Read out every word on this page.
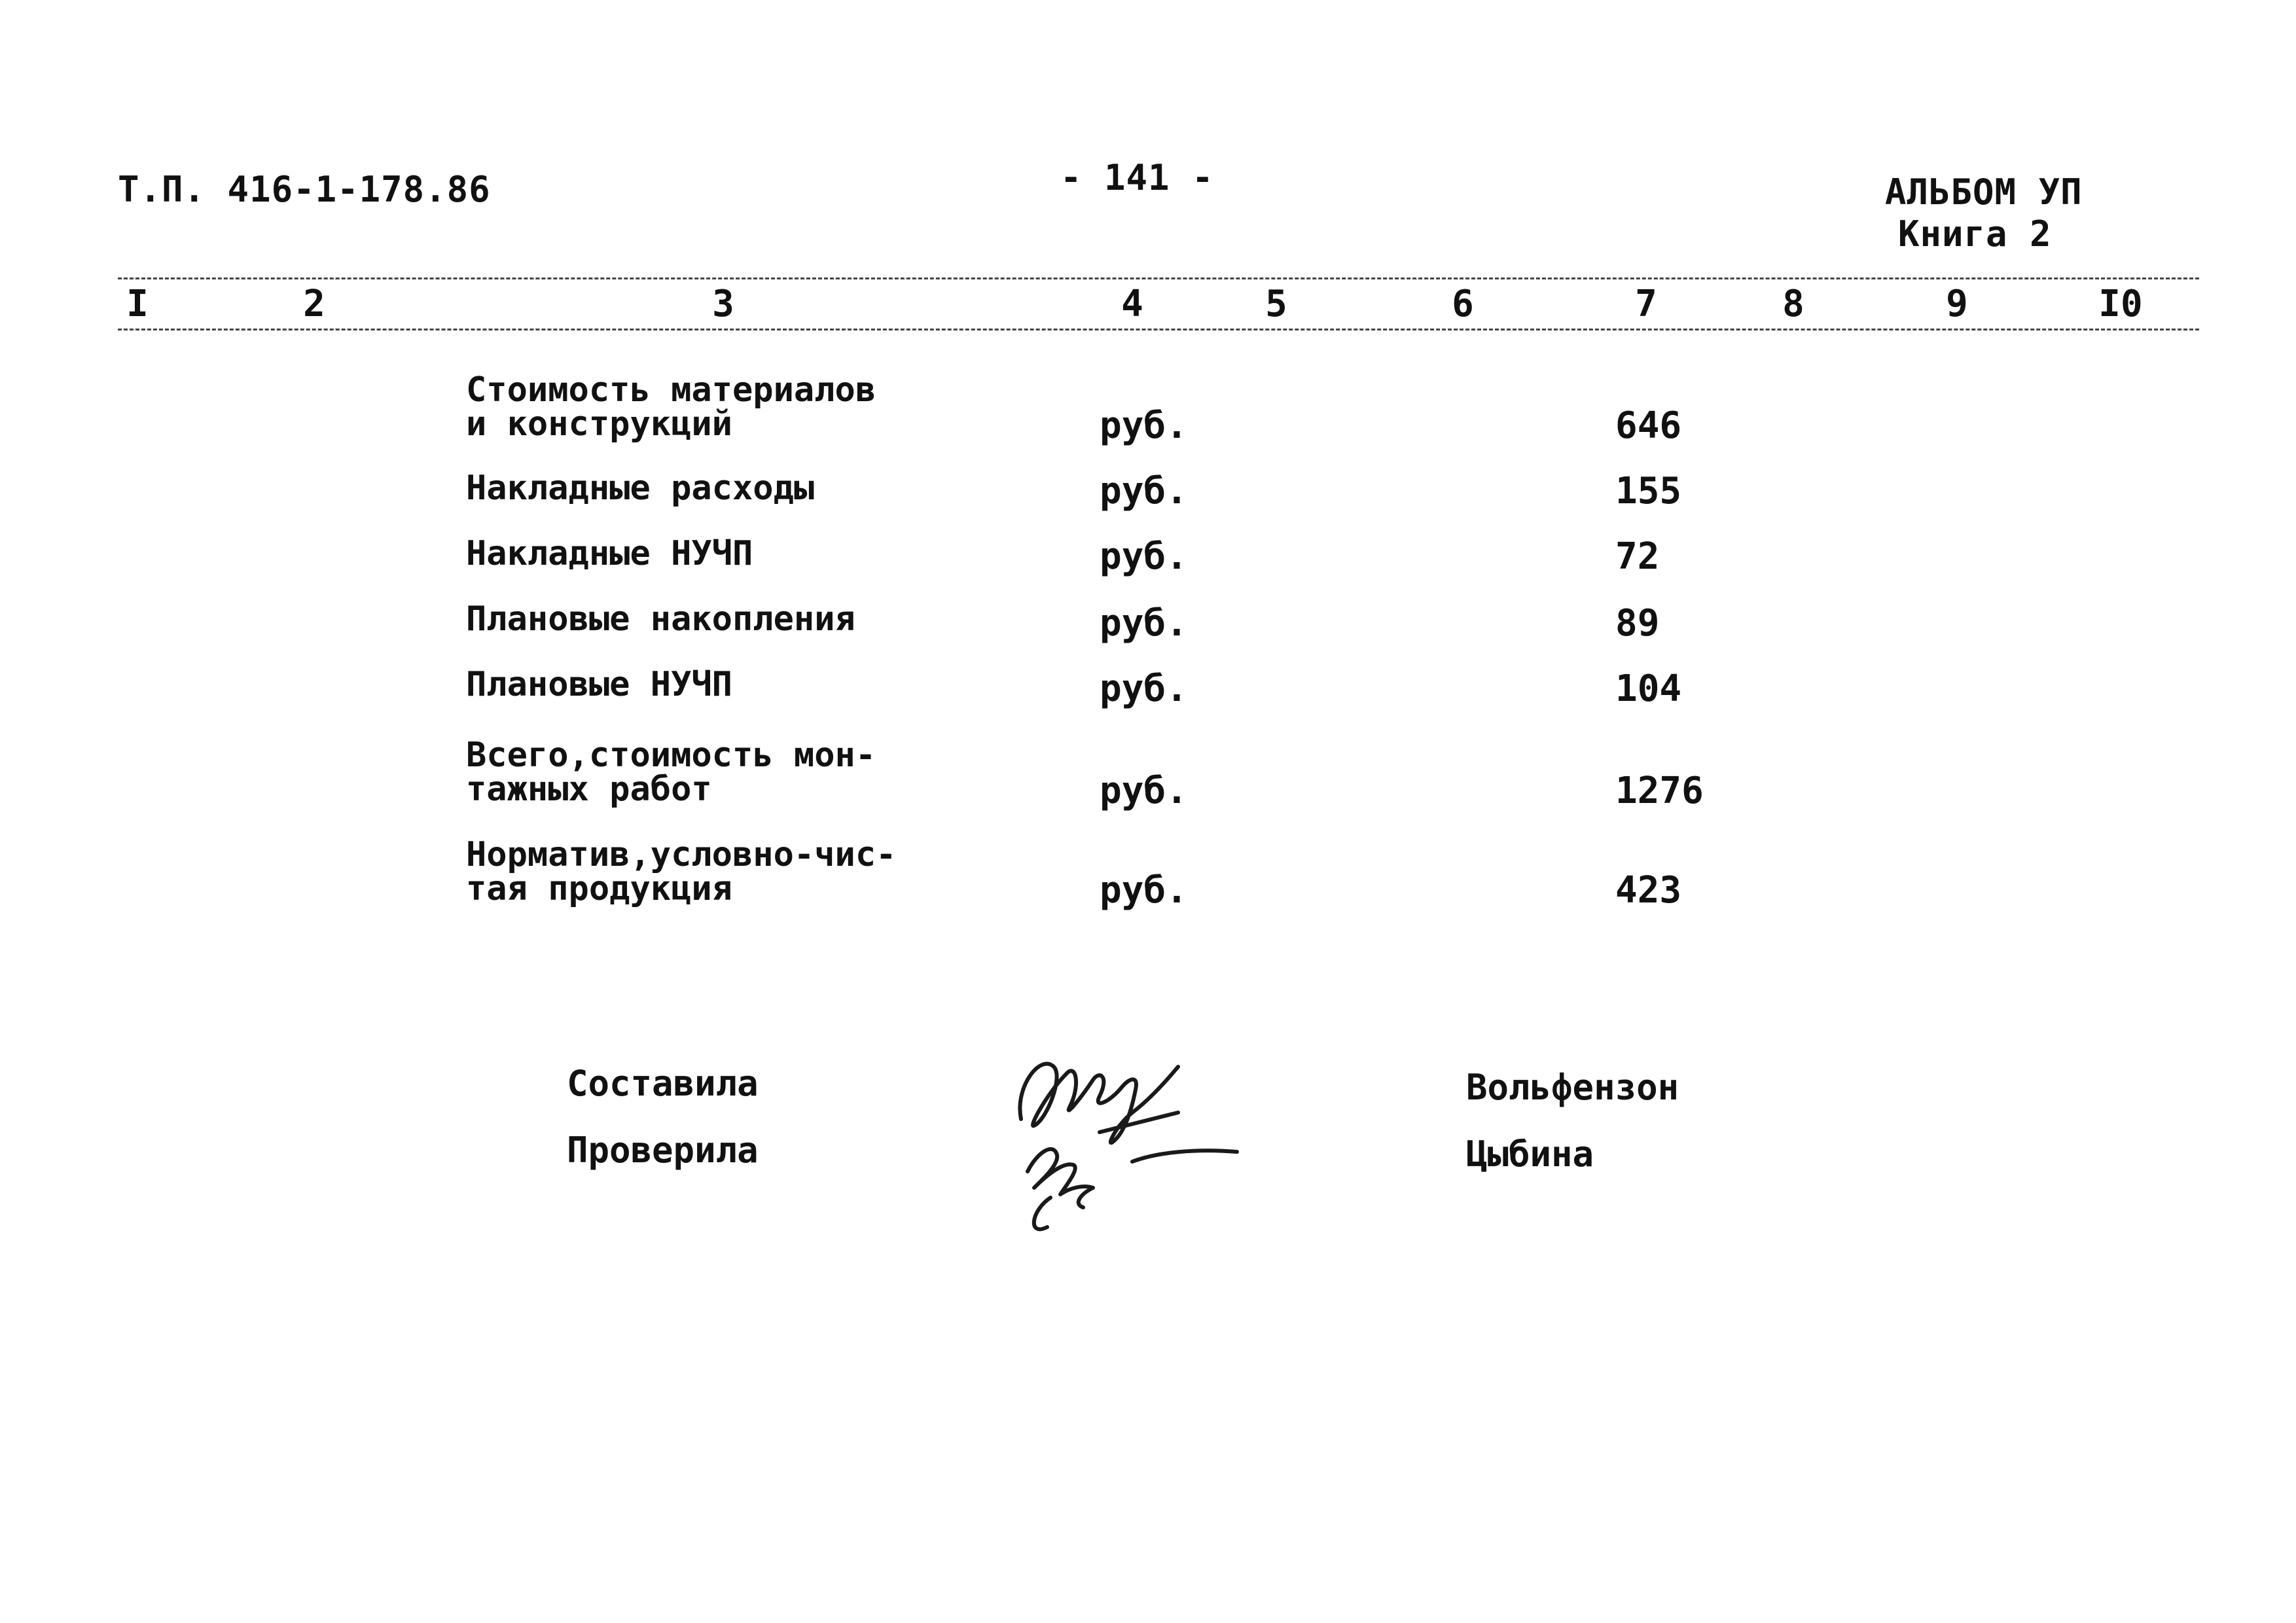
Т.П. 416-1-178.86	- 141 -	АЛЬБОМ УП
Книга 2
I	2	3	4	5	6	7	8	9	I0
Стоимость материалов
и конструкций	руб.	646
Накладные расходы	руб.	155
Накладные НУЧП	руб.	72
Плановые накопления	руб.	89
Плановые НУЧП	руб.	104
Всего,стоимость мон-
тажных работ	руб.	1276
Норматив,условно-чис-
тая продукция	руб.	423
Составила
Проверила
Вольфензон
Цыбина
